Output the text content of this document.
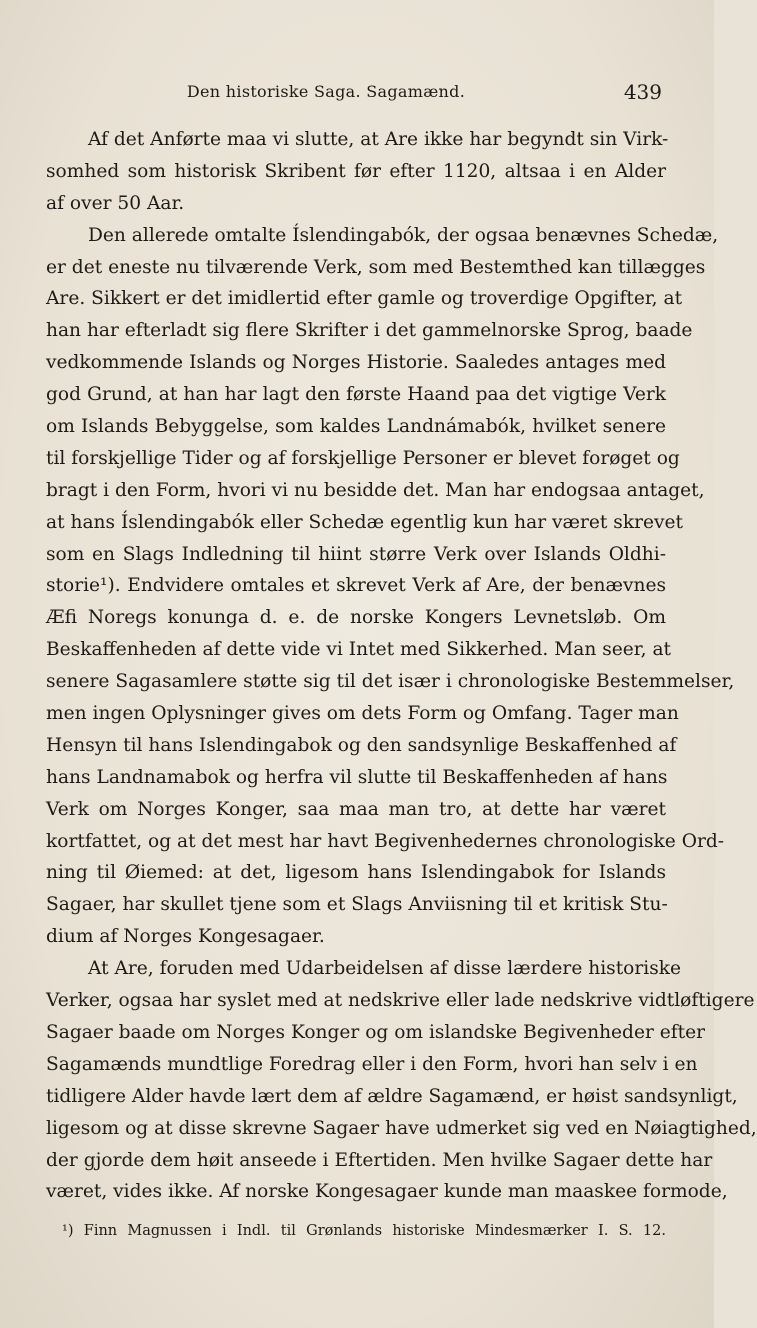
Den historiske Saga. Sagamænd.	439
Af det Anførte maa vi slutte, at Are ikke har begyndt sin Virk-
somhed som historisk Skribent før efter 1120, altsaa i en Alder
af over 50 Aar.
Den allerede omtalte Íslendingabók, der ogsaa benævnes Schedæ,
er det eneste nu tilværende Verk, som med Bestemthed kan tillægges
Are. Sikkert er det imidlertid efter gamle og troverdige Opgifter, at
han har efterladt sig flere Skrifter i det gammelnorske Sprog, baade
vedkommende Islands og Norges Historie. Saaledes antages med
god Grund, at han har lagt den første Haand paa det vigtige Verk
om Islands Bebyggelse, som kaldes Landnámabók, hvilket senere
til forskjellige Tider og af forskjellige Personer er blevet forøget og
bragt i den Form, hvori vi nu besidde det. Man har endogsaa antaget,
at hans Íslendingabók eller Schedæ egentlig kun har været skrevet
som en Slags Indledning til hiint større Verk over Islands Oldhi-
storie¹). Endvidere omtales et skrevet Verk af Are, der benævnes
Æfi Noregs konunga d. e. de norske Kongers Levnetsløb. Om
Beskaffenheden af dette vide vi Intet med Sikkerhed. Man seer, at
senere Sagasamlere støtte sig til det især i chronologiske Bestemmelser,
men ingen Oplysninger gives om dets Form og Omfang. Tager man
Hensyn til hans Islendingabok og den sandsynlige Beskaffenhed af
hans Landnamabok og herfra vil slutte til Beskaffenheden af hans
Verk om Norges Konger, saa maa man tro, at dette har været
kortfattet, og at det mest har havt Begivenhedernes chronologiske Ord-
ning til Øiemed: at det, ligesom hans Islendingabok for Islands
Sagaer, har skullet tjene som et Slags Anviisning til et kritisk Stu-
dium af Norges Kongesagaer.
At Are, foruden med Udarbeidelsen af disse lærdere historiske
Verker, ogsaa har syslet med at nedskrive eller lade nedskrive vidtløftigere
Sagaer baade om Norges Konger og om islandske Begivenheder efter
Sagamænds mundtlige Foredrag eller i den Form, hvori han selv i en
tidligere Alder havde lært dem af ældre Sagamænd, er høist sandsynligt,
ligesom og at disse skrevne Sagaer have udmerket sig ved en Nøiagtighed,
der gjorde dem høit anseede i Eftertiden. Men hvilke Sagaer dette har
været, vides ikke. Af norske Kongesagaer kunde man maaskee formode,
¹) Finn Magnussen i Indl. til Grønlands historiske Mindesmærker I. S. 12.
